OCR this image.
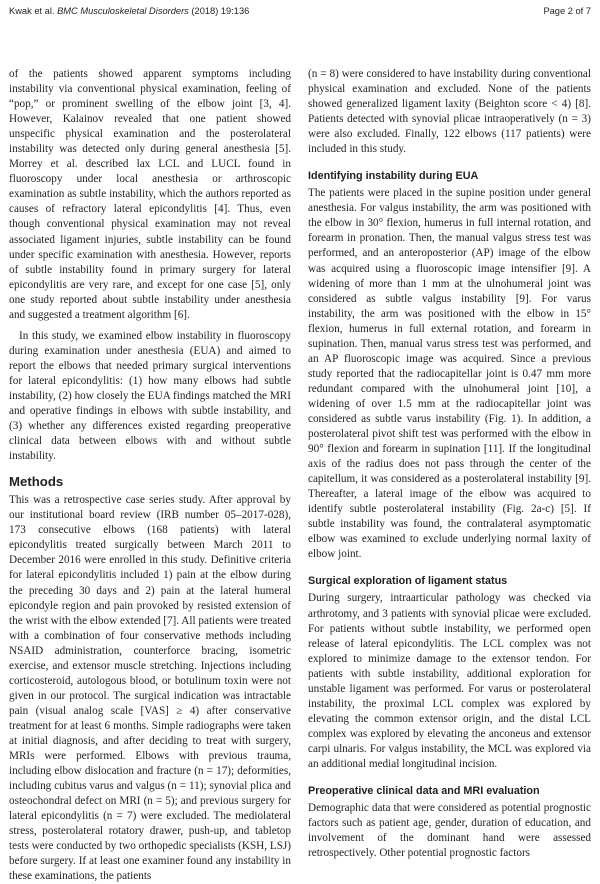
Kwak et al. BMC Musculoskeletal Disorders (2018) 19:136	Page 2 of 7

of the patients showed apparent symptoms including instability via conventional physical examination, feeling of “pop,” or prominent swelling of the elbow joint [3, 4]. However, Kalainov revealed that one patient showed unspecific physical examination and the posterolateral instability was detected only during general anesthesia [5]. Morrey et al. described lax LCL and LUCL found in fluoroscopy under local anesthesia or arthroscopic examination as subtle instability, which the authors reported as causes of refractory lateral epicondylitis [4]. Thus, even though conventional physical examination may not reveal associated ligament injuries, subtle instability can be found under specific examination with anesthesia. However, reports of subtle instability found in primary surgery for lateral epicondylitis are very rare, and except for one case [5], only one study reported about subtle instability under anesthesia and suggested a treatment algorithm [6].

In this study, we examined elbow instability in fluoroscopy during examination under anesthesia (EUA) and aimed to report the elbows that needed primary surgical interventions for lateral epicondylitis: (1) how many elbows had subtle instability, (2) how closely the EUA findings matched the MRI and operative findings in elbows with subtle instability, and (3) whether any differences existed regarding preoperative clinical data between elbows with and without subtle instability.

Methods

This was a retrospective case series study. After approval by our institutional board review (IRB number 05–2017-028), 173 consecutive elbows (168 patients) with lateral epicondylitis treated surgically between March 2011 to December 2016 were enrolled in this study. Definitive criteria for lateral epicondylitis included 1) pain at the elbow during the preceding 30 days and 2) pain at the lateral humeral epicondyle region and pain provoked by resisted extension of the wrist with the elbow extended [7]. All patients were treated with a combination of four conservative methods including NSAID administration, counterforce bracing, isometric exercise, and extensor muscle stretching. Injections including corticosteroid, autologous blood, or botulinum toxin were not given in our protocol. The surgical indication was intractable pain (visual analog scale [VAS] ≥ 4) after conservative treatment for at least 6 months. Simple radiographs were taken at initial diagnosis, and after deciding to treat with surgery, MRIs were performed. Elbows with previous trauma, including elbow dislocation and fracture (n = 17); deformities, including cubitus varus and valgus (n = 11); synovial plica and osteochondral defect on MRI (n = 5); and previous surgery for lateral epicondylitis (n = 7) were excluded. The mediolateral stress, posterolateral rotatory drawer, push-up, and tabletop tests were conducted by two orthopedic specialists (KSH, LSJ) before surgery. If at least one examiner found any instability in these examinations, the patients

(n = 8) were considered to have instability during conventional physical examination and excluded. None of the patients showed generalized ligament laxity (Beighton score < 4) [8]. Patients detected with synovial plicae intraoperatively (n = 3) were also excluded. Finally, 122 elbows (117 patients) were included in this study.

Identifying instability during EUA

The patients were placed in the supine position under general anesthesia. For valgus instability, the arm was positioned with the elbow in 30° flexion, humerus in full internal rotation, and forearm in pronation. Then, the manual valgus stress test was performed, and an anteroposterior (AP) image of the elbow was acquired using a fluoroscopic image intensifier [9]. A widening of more than 1 mm at the ulnohumeral joint was considered as subtle valgus instability [9]. For varus instability, the arm was positioned with the elbow in 15° flexion, humerus in full external rotation, and forearm in supination. Then, manual varus stress test was performed, and an AP fluoroscopic image was acquired. Since a previous study reported that the radiocapitellar joint is 0.47 mm more redundant compared with the ulnohumeral joint [10], a widening of over 1.5 mm at the radiocapitellar joint was considered as subtle varus instability (Fig. 1). In addition, a posterolateral pivot shift test was performed with the elbow in 90° flexion and forearm in supination [11]. If the longitudinal axis of the radius does not pass through the center of the capitellum, it was considered as a posterolateral instability [9]. Thereafter, a lateral image of the elbow was acquired to identify subtle posterolateral instability (Fig. 2a-c) [5]. If subtle instability was found, the contralateral asymptomatic elbow was examined to exclude underlying normal laxity of elbow joint.

Surgical exploration of ligament status

During surgery, intraarticular pathology was checked via arthrotomy, and 3 patients with synovial plicae were excluded. For patients without subtle instability, we performed open release of lateral epicondylitis. The LCL complex was not explored to minimize damage to the extensor tendon. For patients with subtle instability, additional exploration for unstable ligament was performed. For varus or posterolateral instability, the proximal LCL complex was explored by elevating the common extensor origin, and the distal LCL complex was explored by elevating the anconeus and extensor carpi ulnaris. For valgus instability, the MCL was explored via an additional medial longitudinal incision.

Preoperative clinical data and MRI evaluation

Demographic data that were considered as potential prognostic factors such as patient age, gender, duration of education, and involvement of the dominant hand were assessed retrospectively. Other potential prognostic factors
